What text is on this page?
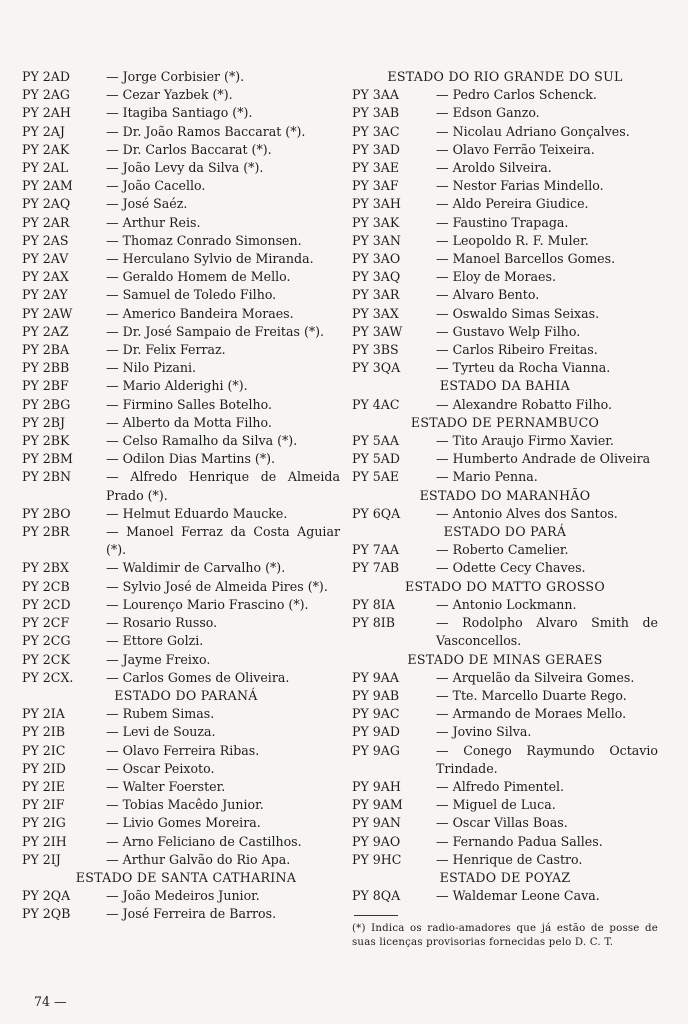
PY 2AD	— Jorge Corbisier (*).
PY 2AG	— Cezar Yazbek (*).
PY 2AH	— Itagiba Santiago (*).
PY 2AJ	— Dr. João Ramos Baccarat (*).
PY 2AK	— Dr. Carlos Baccarat (*).
PY 2AL	— João Levy da Silva (*).
PY 2AM	— João Cacello.
PY 2AQ	— José Saéz.
PY 2AR	— Arthur Reis.
PY 2AS	— Thomaz Conrado Simonsen.
PY 2AV	— Herculano Sylvio de Miranda.
PY 2AX	— Geraldo Homem de Mello.
PY 2AY	— Samuel de Toledo Filho.
PY 2AW	— Americo Bandeira Moraes.
PY 2AZ	— Dr. José Sampaio de Freitas (*).
PY 2BA	— Dr. Felix Ferraz.
PY 2BB	— Nilo Pizani.
PY 2BF	— Mario Alderighi (*).
PY 2BG	— Firmino Salles Botelho.
PY 2BJ	— Alberto da Motta Filho.
PY 2BK	— Celso Ramalho da Silva (*).
PY 2BM	— Odilon Dias Martins (*).
PY 2BN	— Alfredo Henrique de Almeida Prado (*).
PY 2BO	— Helmut Eduardo Maucke.
PY 2BR	— Manoel Ferraz da Costa Aguiar (*).
PY 2BX	— Waldimir de Carvalho (*).
PY 2CB	— Sylvio José de Almeida Pires (*).
PY 2CD	— Lourenço Mario Frascino (*).
PY 2CF	— Rosario Russo.
PY 2CG	— Ettore Golzi.
PY 2CK	— Jayme Freixo.
PY 2CX.	— Carlos Gomes de Oliveira.
ESTADO DO PARANÁ
PY 2IA	— Rubem Simas.
PY 2IB	— Levi de Souza.
PY 2IC	— Olavo Ferreira Ribas.
PY 2ID	— Oscar Peixoto.
PY 2IE	— Walter Foerster.
PY 2IF	— Tobias Macêdo Junior.
PY 2IG	— Livio Gomes Moreira.
PY 2IH	— Arno Feliciano de Castilhos.
PY 2IJ	— Arthur Galvão do Rio Apa.
ESTADO DE SANTA CATHARINA
PY 2QA	— João Medeiros Junior.
PY 2QB	— José Ferreira de Barros.
ESTADO DO RIO GRANDE DO SUL
PY 3AA	— Pedro Carlos Schenck.
PY 3AB	— Edson Ganzo.
PY 3AC	— Nicolau Adriano Gonçalves.
PY 3AD	— Olavo Ferrão Teixeira.
PY 3AE	— Aroldo Silveira.
PY 3AF	— Nestor Farias Mindello.
PY 3AH	— Aldo Pereira Giudice.
PY 3AK	— Faustino Trapaga.
PY 3AN	— Leopoldo R. F. Muler.
PY 3AO	— Manoel Barcellos Gomes.
PY 3AQ	— Eloy de Moraes.
PY 3AR	— Alvaro Bento.
PY 3AX	— Oswaldo Simas Seixas.
PY 3AW	— Gustavo Welp Filho.
PY 3BS	— Carlos Ribeiro Freitas.
PY 3QA	— Tyrteu da Rocha Vianna.
ESTADO DA BAHIA
PY 4AC	— Alexandre Robatto Filho.
ESTADO DE PERNAMBUCO
PY 5AA	— Tito Araujo Firmo Xavier.
PY 5AD	— Humberto Andrade de Oliveira
PY 5AE	— Mario Penna.
ESTADO DO MARANHÃO
PY 6QA	— Antonio Alves dos Santos.
ESTADO DO PARÁ
PY 7AA	— Roberto Camelier.
PY 7AB	— Odette Cecy Chaves.
ESTADO DO MATTO GROSSO
PY 8IA	— Antonio Lockmann.
PY 8IB	— Rodolpho Alvaro Smith de Vasconcellos.
ESTADO DE MINAS GERAES
PY 9AA	— Arquelão da Silveira Gomes.
PY 9AB	— Tte. Marcello Duarte Rego.
PY 9AC	— Armando de Moraes Mello.
PY 9AD	— Jovino Silva.
PY 9AG	— Conego Raymundo Octavio Trindade.
PY 9AH	— Alfredo Pimentel.
PY 9AM	— Miguel de Luca.
PY 9AN	— Oscar Villas Boas.
PY 9AO	— Fernando Padua Salles.
PY 9HC	— Henrique de Castro.
ESTADO DE POYAZ
PY 8QA	— Waldemar Leone Cava.
(*) Indica os radio-amadores que já estão de posse de suas licenças provisorias fornecidas pelo D. C. T.
74 —
